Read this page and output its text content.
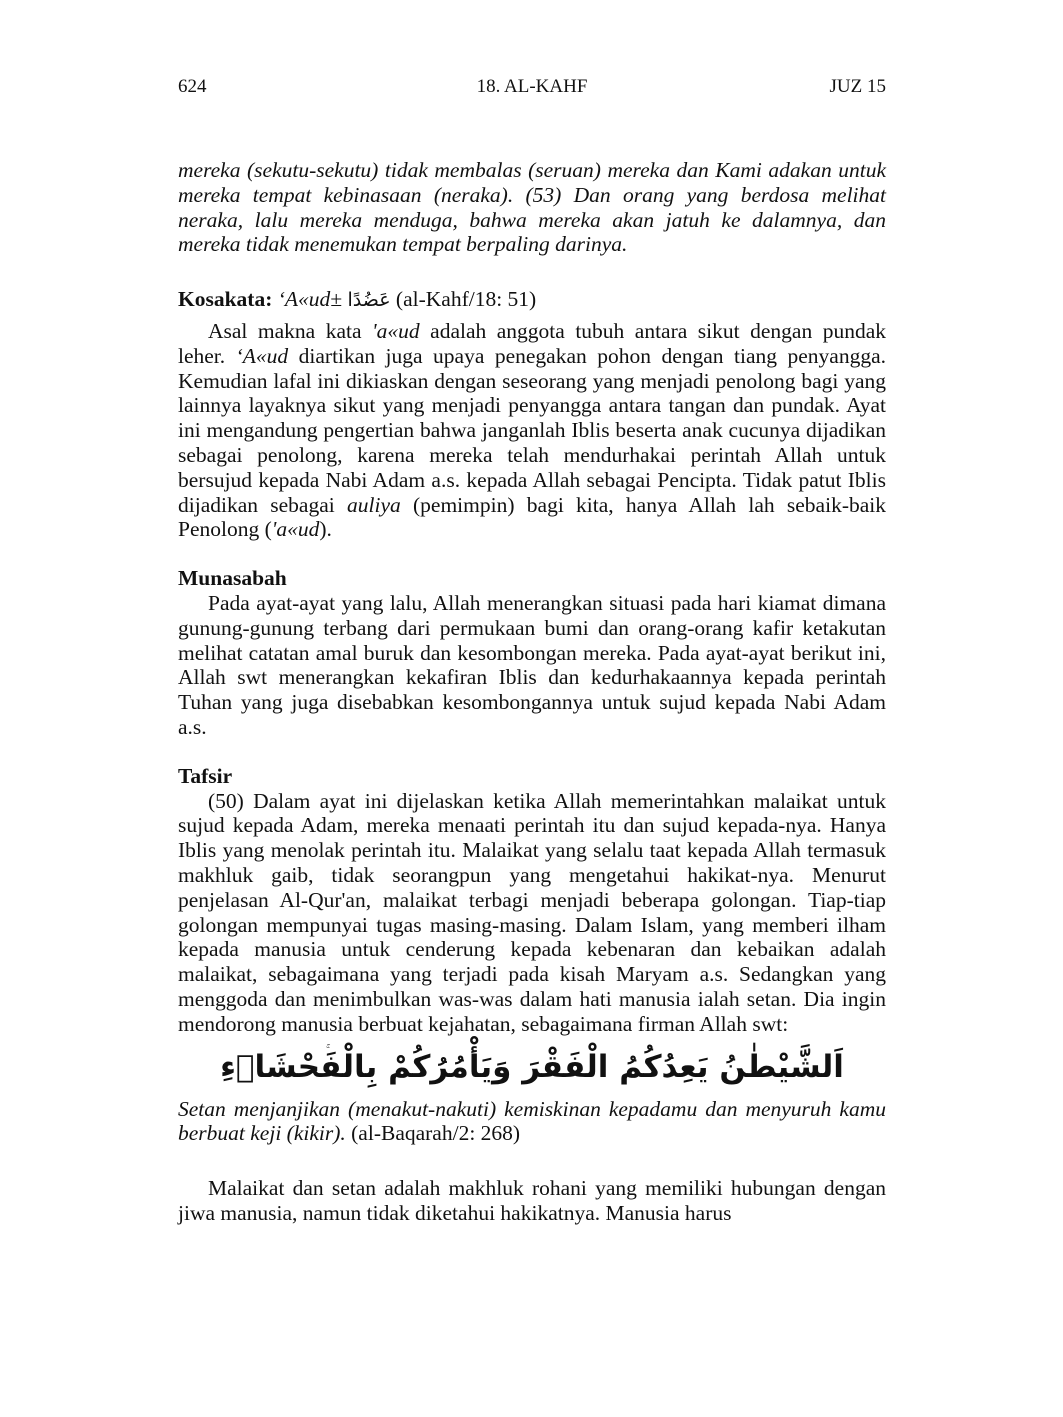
624	18. AL-KAHF	JUZ 15

mereka (sekutu-sekutu) tidak membalas (seruan) mereka dan Kami adakan untuk mereka tempat kebinasaan (neraka). (53) Dan orang yang berdosa melihat neraka, lalu mereka menduga, bahwa mereka akan jatuh ke dalamnya, dan mereka tidak menemukan tempat berpaling darinya.

Kosakata: ‘A«ud± عَضُدًا (al-Kahf/18: 51)

Asal makna kata 'a«ud adalah anggota tubuh antara sikut dengan pundak leher. ‘A«ud diartikan juga upaya penegakan pohon dengan tiang penyangga. Kemudian lafal ini dikiaskan dengan seseorang yang menjadi penolong bagi yang lainnya layaknya sikut yang menjadi penyangga antara tangan dan pundak. Ayat ini mengandung pengertian bahwa janganlah Iblis beserta anak cucunya dijadikan sebagai penolong, karena mereka telah mendurhakai perintah Allah untuk bersujud kepada Nabi Adam a.s. kepada Allah sebagai Pencipta. Tidak patut Iblis dijadikan sebagai auliya (pemimpin) bagi kita, hanya Allah lah sebaik-baik Penolong ('a«ud).

Munasabah

Pada ayat-ayat yang lalu, Allah menerangkan situasi pada hari kiamat dimana gunung-gunung terbang dari permukaan bumi dan orang-orang kafir ketakutan melihat catatan amal buruk dan kesombongan mereka. Pada ayat-ayat berikut ini, Allah swt menerangkan kekafiran Iblis dan kedurhakaannya kepada perintah Tuhan yang juga disebabkan kesombongannya untuk sujud kepada Nabi Adam a.s.

Tafsir

(50) Dalam ayat ini dijelaskan ketika Allah memerintahkan malaikat untuk sujud kepada Adam, mereka menaati perintah itu dan sujud kepada-nya. Hanya Iblis yang menolak perintah itu. Malaikat yang selalu taat kepada Allah termasuk makhluk gaib, tidak seorangpun yang mengetahui hakikat-nya. Menurut penjelasan Al-Qur'an, malaikat terbagi menjadi beberapa golongan. Tiap-tiap golongan mempunyai tugas masing-masing. Dalam Islam, yang memberi ilham kepada manusia untuk cenderung kepada kebenaran dan kebaikan adalah malaikat, sebagaimana yang terjadi pada kisah Maryam a.s. Sedangkan yang menggoda dan menimbulkan was-was dalam hati manusia ialah setan. Dia ingin mendorong manusia berbuat kejahatan, sebagaimana firman Allah swt:

اَلشَّيْطٰنُ يَعِدُكُمُ الْفَقْرَ وَيَأْمُرُكُمْ بِالْفَحْشَاۤءِ

Setan menjanjikan (menakut-nakuti) kemiskinan kepadamu dan menyuruh kamu berbuat keji (kikir). (al-Baqarah/2: 268)

Malaikat dan setan adalah makhluk rohani yang memiliki hubungan dengan jiwa manusia, namun tidak diketahui hakikatnya. Manusia harus
